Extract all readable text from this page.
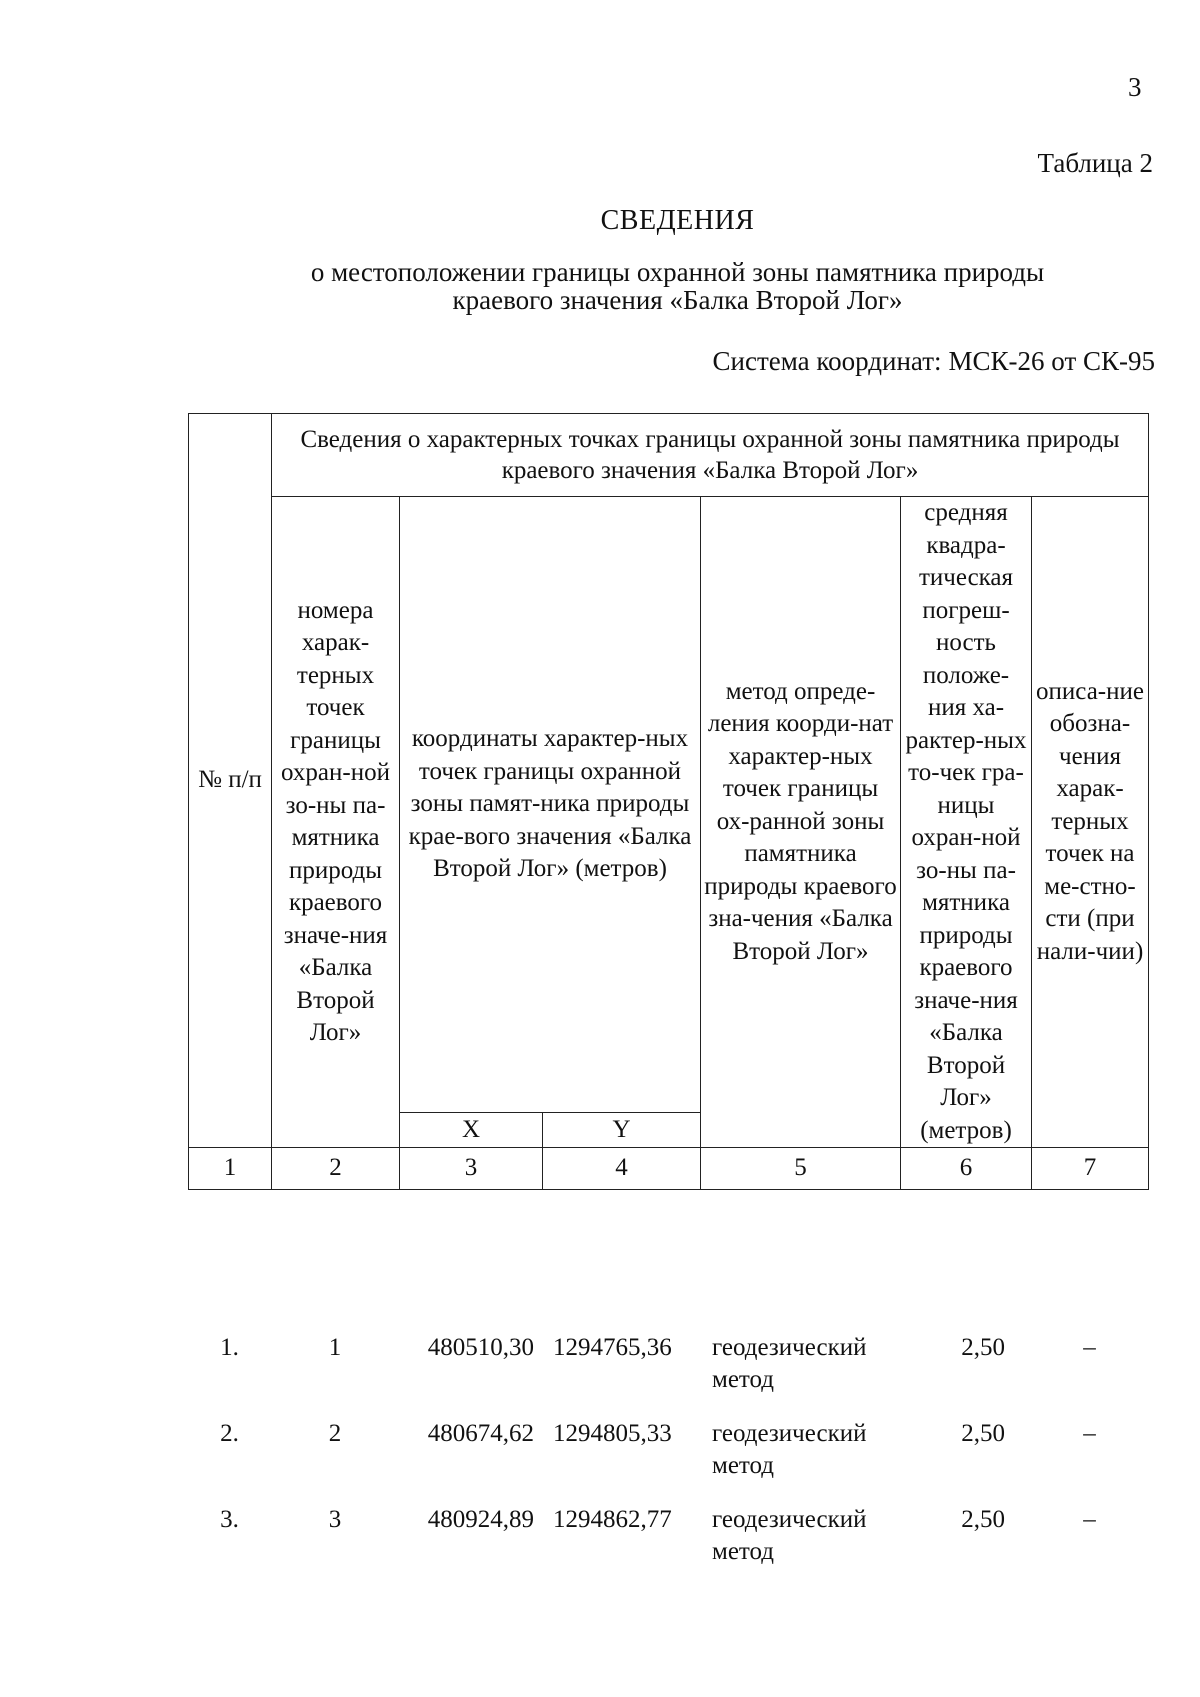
3
Таблица 2
СВЕДЕНИЯ
о местоположении границы охранной зоны памятника природы
краевого значения «Балка Второй Лог»
Система координат: МСК-26 от СК-95
№ п/п	Сведения о характерных точках границы охранной зоны памятника природы краевого значения «Балка Второй Лог»					
	номера харак-терных точек границы охран-ной зо-ны па-мятника природы краевого значе-ния «Балка Второй Лог»	координаты характер-ных точек границы охранной зоны памят-ника природы крае-вого значения «Балка Второй Лог» (метров)		метод опреде-ления коорди-нат характер-ных точек границы ох-ранной зоны памятника природы краевого зна-чения «Балка Второй Лог»	средняя квадра-тическая погреш-ность положе-ния ха-рактер-ных то-чек гра-ницы охран-ной зо-ны па-мятника природы краевого значе-ния «Балка Второй Лог» (метров)	описа-ние обозна-чения харак-терных точек на ме-стно-сти (при нали-чии)
		X	Y			
1	2	3	4	5	6	7
1.	1	480510,30	1294765,36	геодезический метод	2,50	–
2.	2	480674,62	1294805,33	геодезический метод	2,50	–
3.	3	480924,89	1294862,77	геодезический метод	2,50	–
